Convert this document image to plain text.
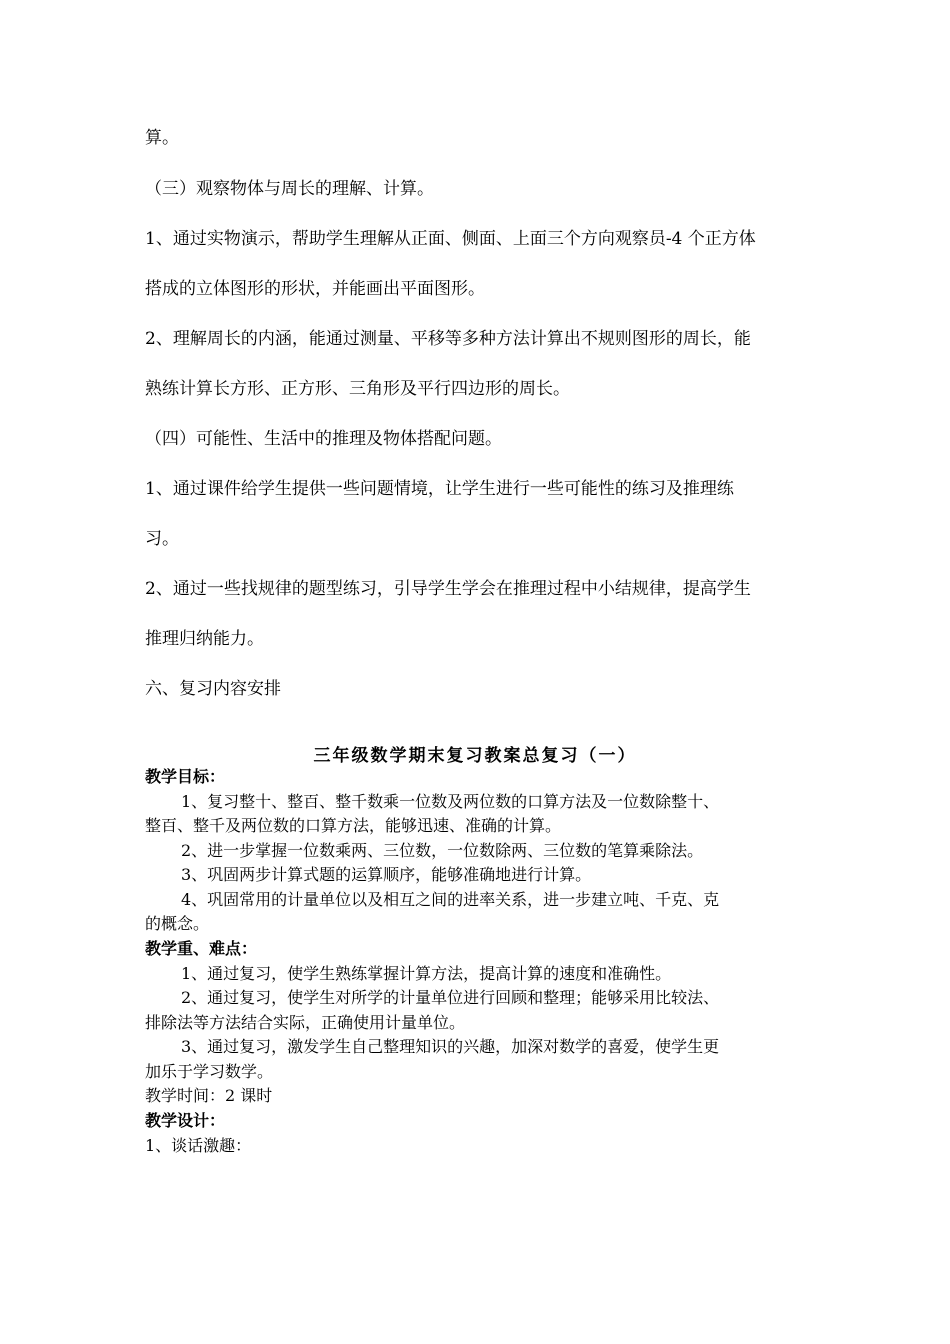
算。
（三）观察物体与周长的理解、计算。
1、通过实物演示，帮助学生理解从正面、侧面、上面三个方向观察员-4 个正方体
搭成的立体图形的形状，并能画出平面图形。
2、理解周长的内涵，能通过测量、平移等多种方法计算出不规则图形的周长，能
熟练计算长方形、正方形、三角形及平行四边形的周长。
（四）可能性、生活中的推理及物体搭配问题。
1、通过课件给学生提供一些问题情境，让学生进行一些可能性的练习及推理练
习。
2、通过一些找规律的题型练习，引导学生学会在推理过程中小结规律，提高学生
推理归纳能力。
六、复习内容安排
三年级数学期末复习教案总复习（一）
教学目标：
1、复习整十、整百、整千数乘一位数及两位数的口算方法及一位数除整十、
整百、整千及两位数的口算方法，能够迅速、准确的计算。
2、进一步掌握一位数乘两、三位数，一位数除两、三位数的笔算乘除法。
3、巩固两步计算式题的运算顺序，能够准确地进行计算。
4、巩固常用的计量单位以及相互之间的进率关系，进一步建立吨、千克、克
的概念。
教学重、难点：
1、通过复习，使学生熟练掌握计算方法，提高计算的速度和准确性。
2、通过复习，使学生对所学的计量单位进行回顾和整理；能够采用比较法、
排除法等方法结合实际，正确使用计量单位。
3、通过复习，激发学生自己整理知识的兴趣，加深对数学的喜爱，使学生更
加乐于学习数学。
教学时间：2 课时
教学设计：
1、谈话激趣：
